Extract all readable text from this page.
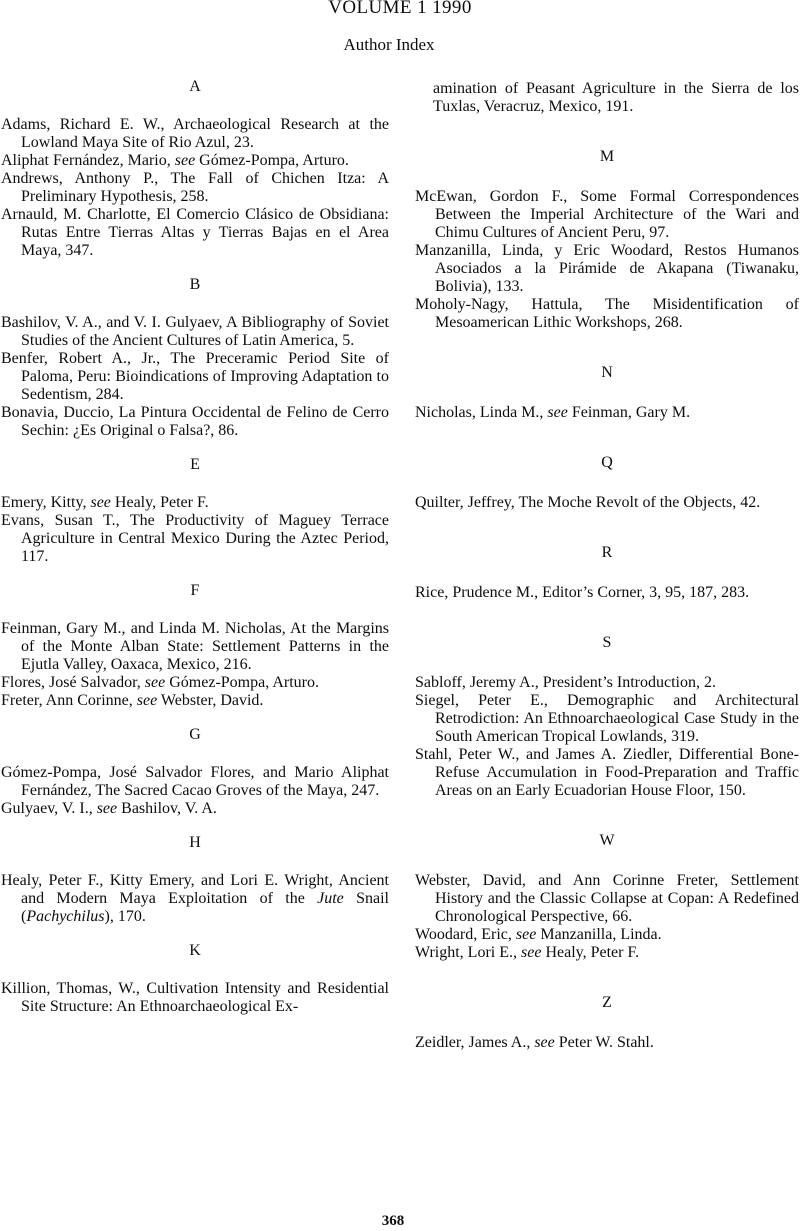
VOLUME 1 1990
Author Index
A

Adams, Richard E. W., Archaeological Research at the Lowland Maya Site of Rio Azul, 23.

Aliphat Fernández, Mario, see Gómez-Pompa, Arturo.

Andrews, Anthony P., The Fall of Chichen Itza: A Preliminary Hypothesis, 258.

Arnauld, M. Charlotte, El Comercio Clásico de Obsidiana: Rutas Entre Tierras Altas y Tierras Bajas en el Area Maya, 347.

B

Bashilov, V. A., and V. I. Gulyaev, A Bibliography of Soviet Studies of the Ancient Cultures of Latin America, 5.

Benfer, Robert A., Jr., The Preceramic Period Site of Paloma, Peru: Bioindications of Improving Adaptation to Sedentism, 284.

Bonavia, Duccio, La Pintura Occidental de Felino de Cerro Sechin: ¿Es Original o Falsa?, 86.

E

Emery, Kitty, see Healy, Peter F.

Evans, Susan T., The Productivity of Maguey Terrace Agriculture in Central Mexico During the Aztec Period, 117.

F

Feinman, Gary M., and Linda M. Nicholas, At the Margins of the Monte Alban State: Settlement Patterns in the Ejutla Valley, Oaxaca, Mexico, 216.

Flores, José Salvador, see Gómez-Pompa, Arturo.

Freter, Ann Corinne, see Webster, David.

G

Gómez-Pompa, José Salvador Flores, and Mario Aliphat Fernández, The Sacred Cacao Groves of the Maya, 247.

Gulyaev, V. I., see Bashilov, V. A.

H

Healy, Peter F., Kitty Emery, and Lori E. Wright, Ancient and Modern Maya Exploitation of the Jute Snail (Pachychilus), 170.

K

Killion, Thomas, W., Cultivation Intensity and Residential Site Structure: An Ethnoarchaeological Ex-

amination of Peasant Agriculture in the Sierra de los Tuxlas, Veracruz, Mexico, 191.

M

McEwan, Gordon F., Some Formal Correspondences Between the Imperial Architecture of the Wari and Chimu Cultures of Ancient Peru, 97.

Manzanilla, Linda, y Eric Woodard, Restos Humanos Asociados a la Pirámide de Akapana (Tiwanaku, Bolivia), 133.

Moholy-Nagy, Hattula, The Misidentification of Mesoamerican Lithic Workshops, 268.

N

Nicholas, Linda M., see Feinman, Gary M.

Q

Quilter, Jeffrey, The Moche Revolt of the Objects, 42.

R

Rice, Prudence M., Editor’s Corner, 3, 95, 187, 283.

S

Sabloff, Jeremy A., President’s Introduction, 2.

Siegel, Peter E., Demographic and Architectural Retrodiction: An Ethnoarchaeological Case Study in the South American Tropical Lowlands, 319.

Stahl, Peter W., and James A. Ziedler, Differential Bone-Refuse Accumulation in Food-Preparation and Traffic Areas on an Early Ecuadorian House Floor, 150.

W

Webster, David, and Ann Corinne Freter, Settlement History and the Classic Collapse at Copan: A Redefined Chronological Perspective, 66.

Woodard, Eric, see Manzanilla, Linda.

Wright, Lori E., see Healy, Peter F.

Z

Zeidler, James A., see Peter W. Stahl.

368
